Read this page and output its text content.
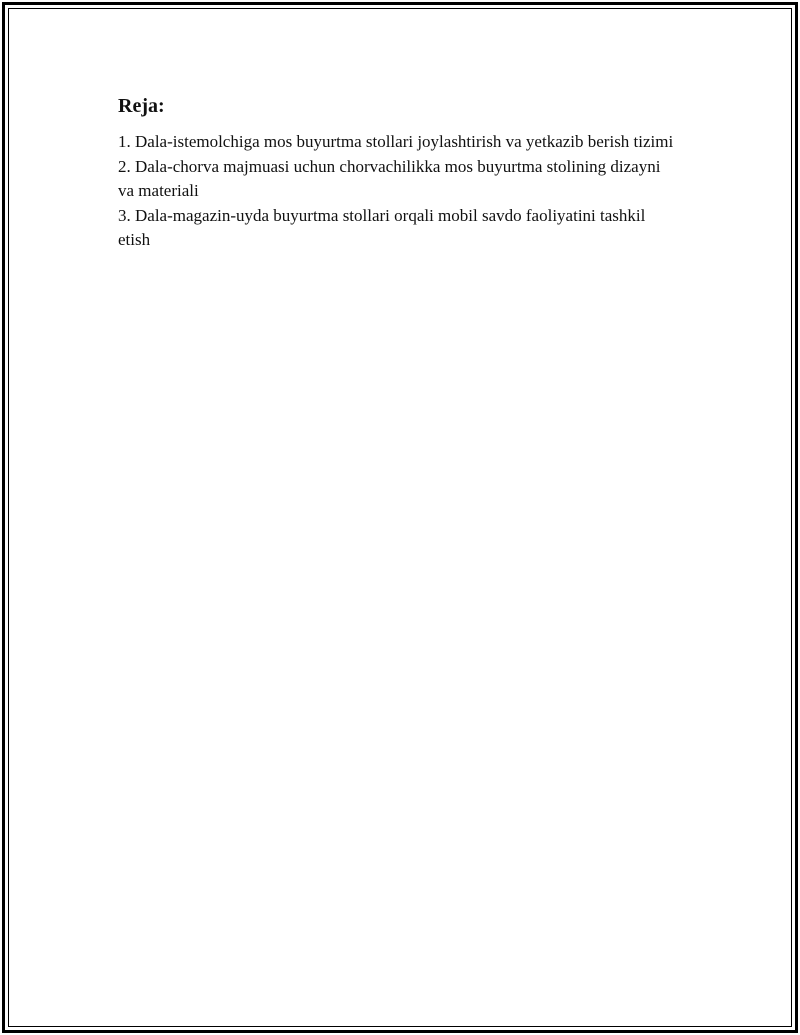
Reja:
1. Dala-istemolchiga mos buyurtma stollari joylashtirish va yetkazib berish tizimi
2. Dala-chorva majmuasi uchun chorvachilikka mos buyurtma stolining dizayni va materiali
3. Dala-magazin-uyda buyurtma stollari orqali mobil savdo faoliyatini tashkil etish
